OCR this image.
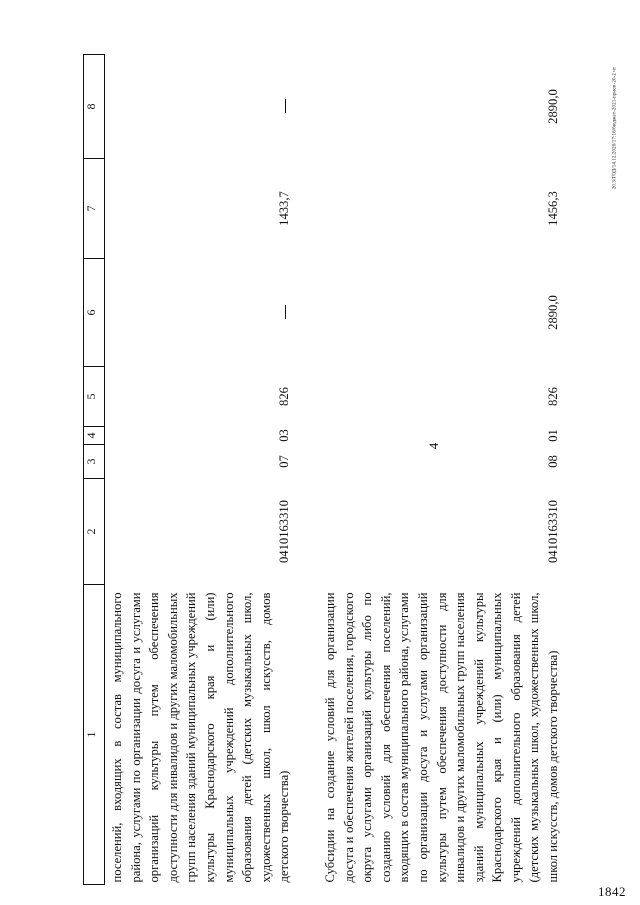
4
20.3/ГОД/14.12.2020/17:16/бюджет-2021-приоп-20-2 чт
1842
1	2	3	4	5	6	7	8
поселений, входящих в состав муниципального района, услугами по организации досуга и услугами организаций культуры путем обеспечения доступности для инвалидов и других маломобильных групп населения зданий муниципальных учреждений культуры Краснодарского края и (или) муниципальных учреждений дополнительного образования детей (детских музыкальных школ, художественных школ, школ искусств, домов детского творчества)	0410163310	07	03	826		1433,7	

Субсидии на создание условий для организации досуга и обеспечения жителей поселения, городского округа услугами организаций культуры либо по созданию условий для обеспечения поселений, входящих в состав муниципального района, услугами по организации досуга и услугами организаций культуры путем обеспечения доступности для инвалидов и других маломобильных групп населения зданий муниципальных учреждений культуры Краснодарского края и (или) муниципальных учреждений дополнительного образования детей (детских музыкальных школ, художественных школ, школ искусств, домов детского творчества)	0410163310	08	01	826	2890,0	1456,3	2890,0
